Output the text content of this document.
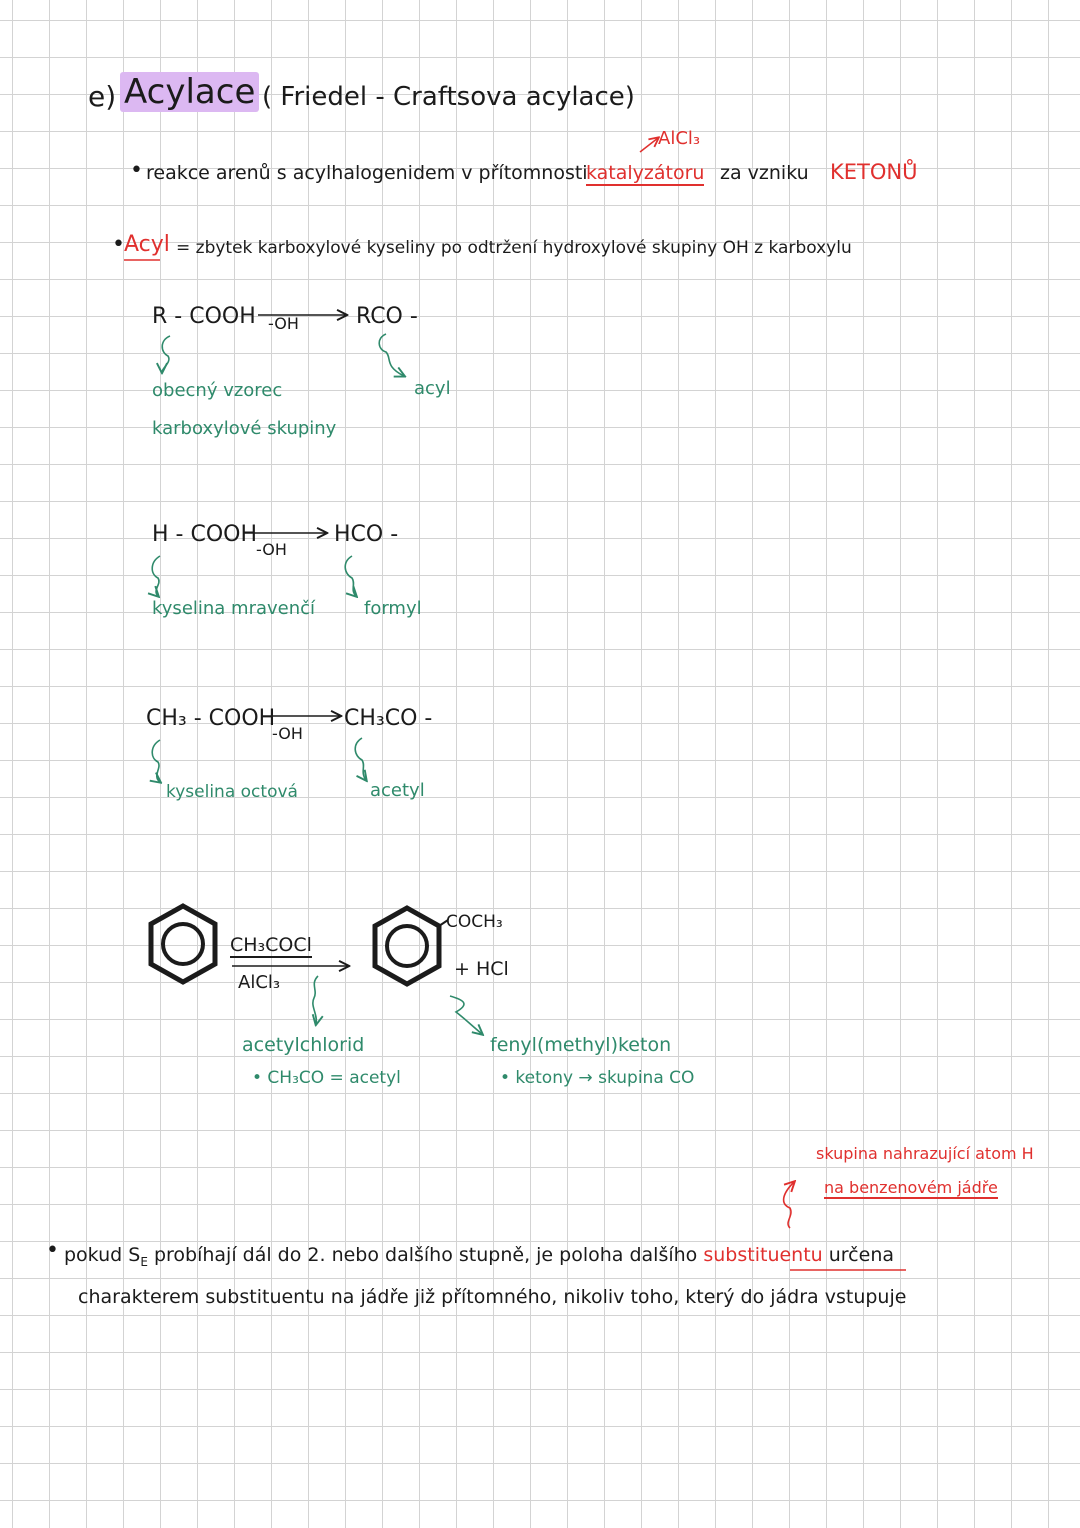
e) Acylace ( Friedel - Craftsova acylace)
AlCl₃
• reakce arenů s acylhalogenidem v přítomnosti
katalyzátoru za vzniku KETONŮ
• Acyl = zbytek karboxylové kyseliny po odtržení hydroxylové skupiny OH z karboxylu
R - COOH -OH	RCO -
obecný vzorec
karboxylové skupiny
acyl
H - COOH
-OH
HCO -
kyselina mravenčí	formyl
CH₃ - COOH
-OH
CH₃CO -
kyselina octová	acetyl
CH₃COCl
AlCl₃
COCH₃
+ HCl
acetylchlorid
• CH₃CO = acetyl
fenyl(methyl)keton
• ketony → skupina CO
skupina nahrazující atom H
na benzenovém jádře
• pokud $S_E$ probíhají dál do 2. nebo dalšího stupně, je poloha dalšího substituentu určena
charakterem substituentu na jádře již přítomného, nikoliv toho, který do jádra vstupuje
